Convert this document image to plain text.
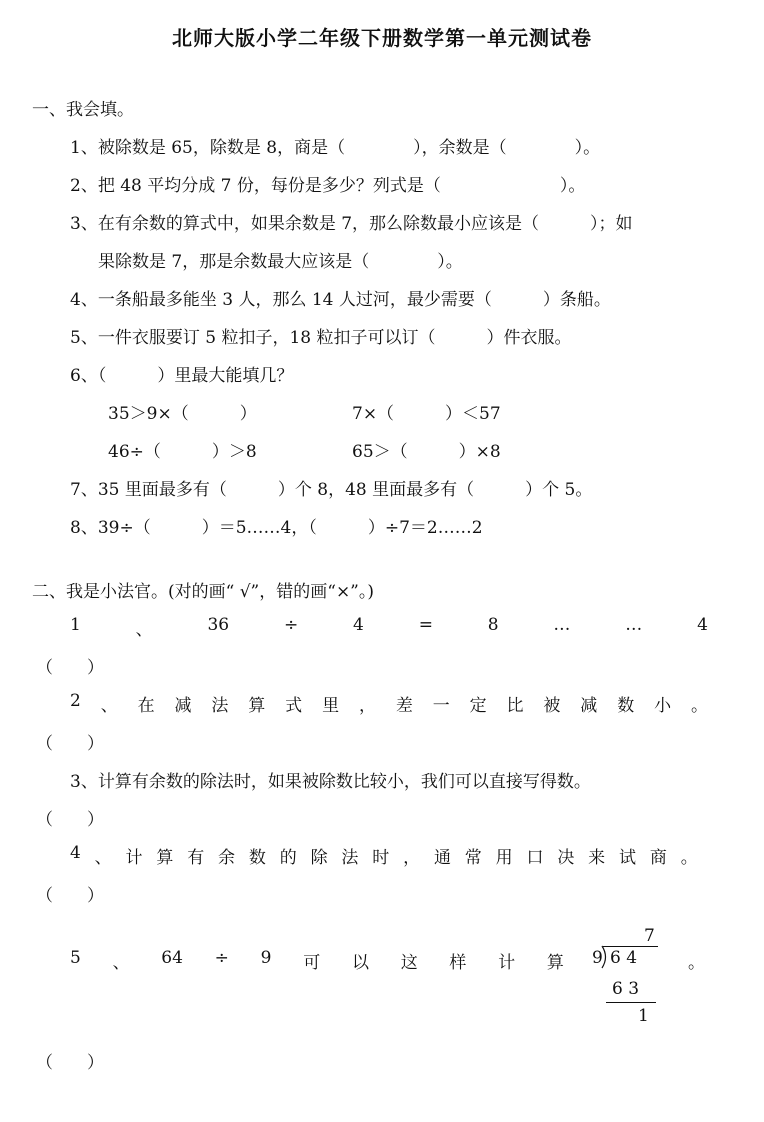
北师大版小学二年级下册数学第一单元测试卷
一、我会填。
1、被除数是 65，除数是 8，商是（　　　　），余数是（　　　　）。
2、把 48 平均分成 7 份，每份是多少？列式是（　　　　　　　）。
3、在有余数的算式中，如果余数是 7，那么除数最小应该是（　　　）；如
果除数是 7，那是余数最大应该是（　　　　）。
4、一条船最多能坐 3 人，那么 14 人过河，最少需要（　　　）条船。
5、一件衣服要订 5 粒扣子，18 粒扣子可以订（　　　）件衣服。
6、（　　　）里最大能填几？
35＞9×（　　　）	7×（　　　）＜57
46÷（　　　）＞8	65＞（　　　）×8
7、35 里面最多有（　　　）个 8，48 里面最多有（　　　）个 5。
8、39÷（　　　）＝5……4，（　　　）÷7＝2……2
二、我是小法官。(对的画“ √”，错的画“×”。)
1	、	36	÷	4	=	8	…	…	4
（　　）
2 、 在 减 法 算 式 里 ， 差 一 定 比 被 减 数 小 。
（　　）
3、计算有余数的除法时，如果被除数比较小，我们可以直接写得数。
（　　）
4 、 计 算 有 余 数 的 除 法 时 ， 通 常 用 口 决 来 试 商 。
（　　）
5 、 64 ÷ 9 可 以 这 样 计 算
7
9 6 4
6 3
1
。
（　　）
